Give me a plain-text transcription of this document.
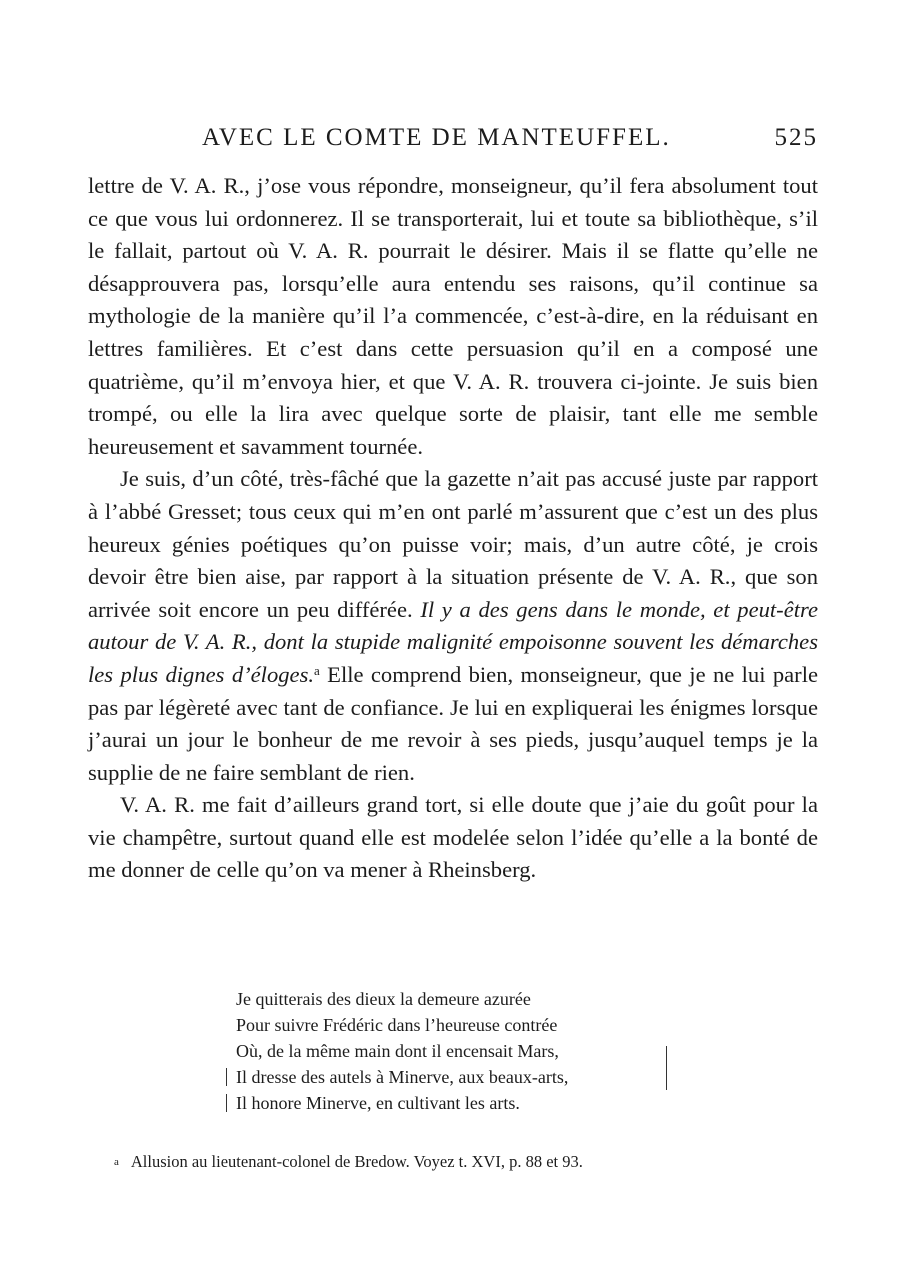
AVEC LE COMTE DE MANTEUFFEL.	525

lettre de V. A. R., j’ose vous répondre, monseigneur, qu’il fera absolument tout ce que vous lui ordonnerez. Il se transporterait, lui et toute sa bibliothèque, s’il le fallait, partout où V. A. R. pourrait le désirer. Mais il se flatte qu’elle ne désapprouvera pas, lorsqu’elle aura entendu ses raisons, qu’il continue sa mythologie de la manière qu’il l’a commencée, c’est-à-dire, en la réduisant en lettres familières. Et c’est dans cette persuasion qu’il en a composé une quatrième, qu’il m’envoya hier, et que V. A. R. trouvera ci-jointe. Je suis bien trompé, ou elle la lira avec quelque sorte de plaisir, tant elle me semble heureusement et savamment tournée.

Je suis, d’un côté, très-fâché que la gazette n’ait pas accusé juste par rapport à l’abbé Gresset; tous ceux qui m’en ont parlé m’assurent que c’est un des plus heureux génies poétiques qu’on puisse voir; mais, d’un autre côté, je crois devoir être bien aise, par rapport à la situation présente de V. A. R., que son arrivée soit encore un peu différée. Il y a des gens dans le monde, et peut-être autour de V. A. R., dont la stupide malignité empoisonne souvent les démarches les plus dignes d’éloges.$^a$ Elle comprend bien, monseigneur, que je ne lui parle pas par légèreté avec tant de confiance. Je lui en expliquerai les énigmes lorsque j’aurai un jour le bonheur de me revoir à ses pieds, jusqu’auquel temps je la supplie de ne faire semblant de rien.

V. A. R. me fait d’ailleurs grand tort, si elle doute que j’aie du goût pour la vie champêtre, surtout quand elle est modelée selon l’idée qu’elle a la bonté de me donner de celle qu’on va mener à Rheinsberg.

Je quitterais des dieux la demeure azurée
Pour suivre Frédéric dans l’heureuse contrée
Où, de la même main dont il encensait Mars,
Il dresse des autels à Minerve, aux beaux-arts,
Il honore Minerve, en cultivant les arts.
a Allusion au lieutenant-colonel de Bredow. Voyez t. XVI, p. 88 et 93.
